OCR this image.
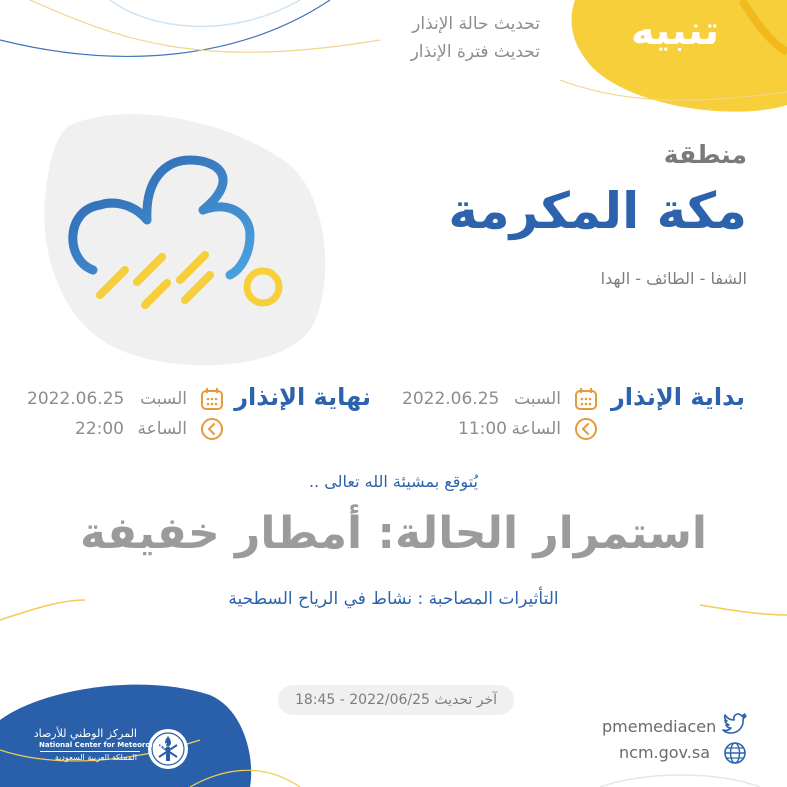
تنبيه
تحديث حالة الإنذار
تحديث فترة الإنذار
منطقة
مكة المكرمة
الشفا - الطائف - الهدا
بداية الإنذار
السبت
2022.06.25
الساعة
11:00
نهاية الإنذار
السبت
2022.06.25
الساعة
22:00
يُتوقع بمشيئة الله تعالى ..
استمرار الحالة: أمطار خفيفة
التأثيرات المصاحبة : نشاط في الرياح السطحية
آخر تحديث 2022/06/25 - 18:45
pmemediacen
ncm.gov.sa
المركز الوطني للأرصاد
National Center for Meteorology
المملكة العربية السعودية
